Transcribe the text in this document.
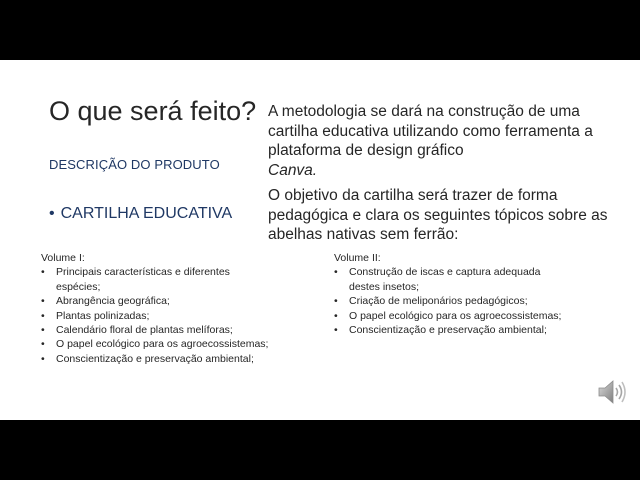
O que será feito?
DESCRIÇÃO DO PRODUTO
• CARTILHA EDUCATIVA

A metodologia se dará na construção de uma cartilha educativa utilizando como ferramenta a plataforma de design gráfico
Canva.

O objetivo da cartilha será trazer de forma pedagógica e clara os seguintes tópicos sobre as abelhas nativas sem ferrão:

Volume I:
• Principais características e diferentes espécies;
• Abrangência geográfica;
• Plantas polinizadas;
• Calendário floral de plantas melíforas;
• O papel ecológico para os agroecossistemas;
• Conscientização e preservação ambiental;
Volume II:
• Construção de iscas e captura adequada destes insetos;
• Criação de meliponários pedagógicos;
• O papel ecológico para os agroecossistemas;
• Conscientização e preservação ambiental;
